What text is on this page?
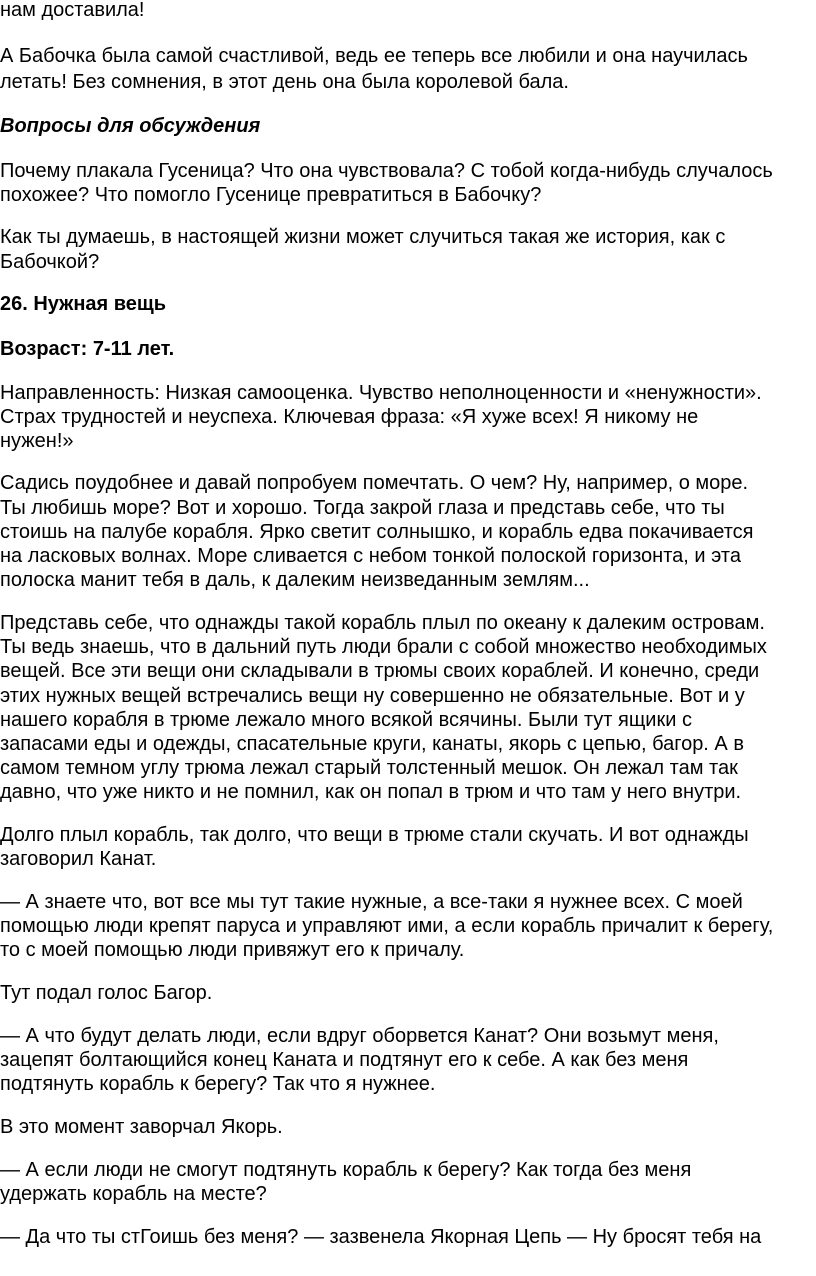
нам доставила!
А Бабочка была самой счастливой, ведь ее теперь все любили и она научилась
летать! Без сомнения, в этот день она была королевой бала.
Вопросы для обсуждения
Почему плакала Гусеница? Что она чувствовала? С тобой когда-нибудь случалось
похожее? Что помогло Гусенице превратиться в Бабочку?
Как ты думаешь, в настоящей жизни может случиться такая же история, как с
Бабочкой?
26. Нужная вещь
Возраст: 7-11 лет.
Направленность: Низкая самооценка. Чувство неполноценности и «ненужности».
Страх трудностей и неуспеха. Ключевая фраза: «Я хуже всех! Я никому не
нужен!»
Садись поудобнее и давай попробуем помечтать. О чем? Ну, например, о море.
Ты любишь море? Вот и хорошо. Тогда закрой глаза и представь себе, что ты
стоишь на палубе корабля. Ярко светит солнышко, и корабль едва покачивается
на ласковых волнах. Море сливается с небом тонкой полоской горизонта, и эта
полоска манит тебя в даль, к далеким неизведанным землям...
Представь себе, что однажды такой корабль плыл по океану к далеким островам.
Ты ведь знаешь, что в дальний путь люди брали с собой множество необходимых
вещей. Все эти вещи они складывали в трюмы своих кораблей. И конечно, среди
этих нужных вещей встречались вещи ну совершенно не обязательные. Вот и у
нашего корабля в трюме лежало много всякой всячины. Были тут ящики с
запасами еды и одежды, спасательные круги, канаты, якорь с цепью, багор. А в
самом темном углу трюма лежал старый толстенный мешок. Он лежал там так
давно, что уже никто и не помнил, как он попал в трюм и что там у него внутри.
Долго плыл корабль, так долго, что вещи в трюме стали скучать. И вот однажды
заговорил Канат.
— А знаете что, вот все мы тут такие нужные, а все-таки я нужнее всех. С моей
помощью люди крепят паруса и управляют ими, а если корабль причалит к берегу,
то с моей помощью люди привяжут его к причалу.
Тут подал голос Багор.
— А что будут делать люди, если вдруг оборвется Канат? Они возьмут меня,
зацепят болтающийся конец Каната и подтянут его к себе. А как без меня
подтянуть корабль к берегу? Так что я нужнее.
В это момент заворчал Якорь.
— А если люди не смогут подтянуть корабль к берегу? Как тогда без меня
удержать корабль на месте?
— Да что ты стГоишь без меня? — зазвенела Якорная Цепь — Ну бросят тебя на
